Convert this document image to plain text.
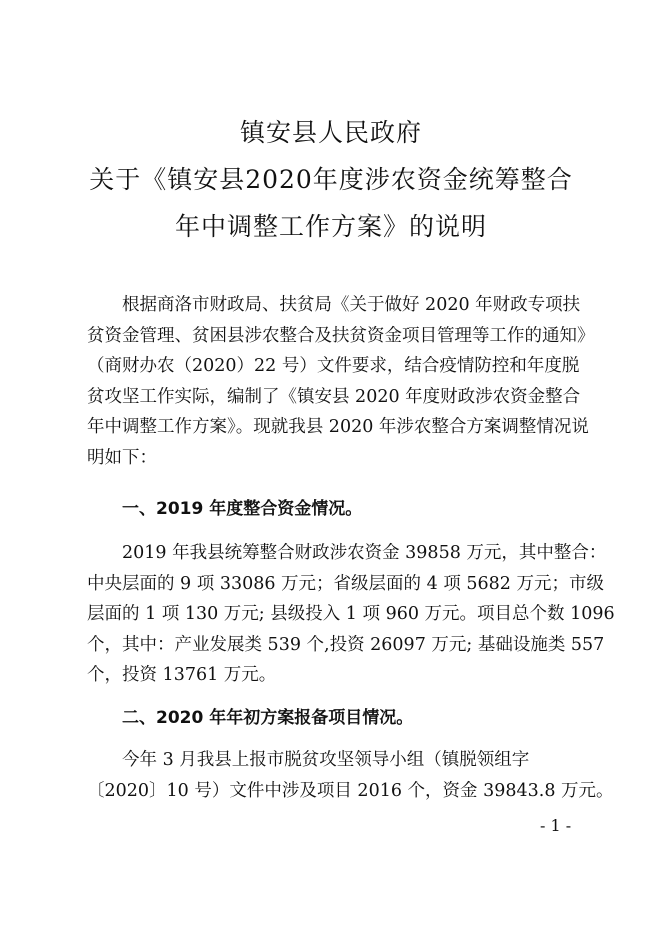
镇安县人民政府
关于《镇安县2020年度涉农资金统筹整合
年中调整工作方案》的说明
根据商洛市财政局、扶贫局《关于做好 2020 年财政专项扶
贫资金管理、贫困县涉农整合及扶贫资金项目管理等工作的通知》
（商财办农（2020）22 号）文件要求，结合疫情防控和年度脱
贫攻坚工作实际，编制了《镇安县 2020 年度财政涉农资金整合
年中调整工作方案》。现就我县 2020 年涉农整合方案调整情况说
明如下：
一、2019 年度整合资金情况。
2019 年我县统筹整合财政涉农资金 39858 万元，其中整合：
中央层面的 9 项 33086 万元；省级层面的 4 项 5682 万元；市级
层面的 1 项 130 万元; 县级投入 1 项 960 万元。项目总个数 1096
个，其中：产业发展类 539 个,投资 26097 万元; 基础设施类 557
个，投资 13761 万元。
二、2020 年年初方案报备项目情况。
今年 3 月我县上报市脱贫攻坚领导小组（镇脱领组字
〔2020〕10 号）文件中涉及项目 2016 个，资金 39843.8 万元。
- 1 -
